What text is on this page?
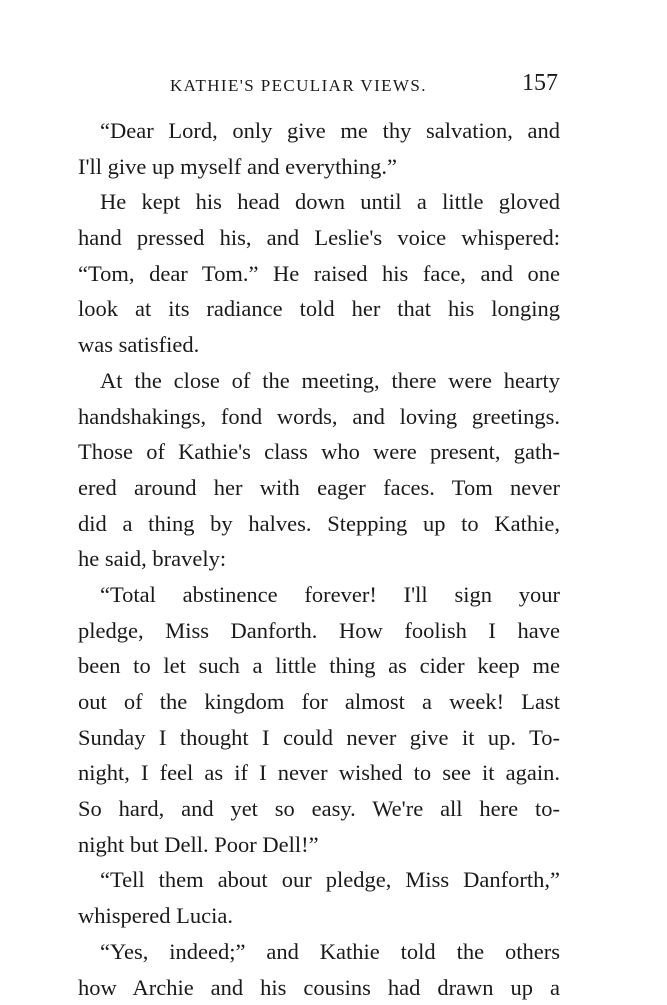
KATHIE'S PECULIAR VIEWS.	157
“Dear Lord, only give me thy salvation, and
I'll give up myself and everything.”
He kept his head down until a little gloved
hand pressed his, and Leslie's voice whispered:
“Tom, dear Tom.” He raised his face, and one
look at its radiance told her that his longing
was satisfied.
At the close of the meeting, there were hearty
handshakings, fond words, and loving greetings.
Those of Kathie's class who were present, gath-
ered around her with eager faces. Tom never
did a thing by halves. Stepping up to Kathie,
he said, bravely:
“Total abstinence forever! I'll sign your
pledge, Miss Danforth. How foolish I have
been to let such a little thing as cider keep me
out of the kingdom for almost a week! Last
Sunday I thought I could never give it up. To-
night, I feel as if I never wished to see it again.
So hard, and yet so easy. We're all here to-
night but Dell. Poor Dell!”
“Tell them about our pledge, Miss Danforth,”
whispered Lucia.
“Yes, indeed;” and Kathie told the others
how Archie and his cousins had drawn up a
